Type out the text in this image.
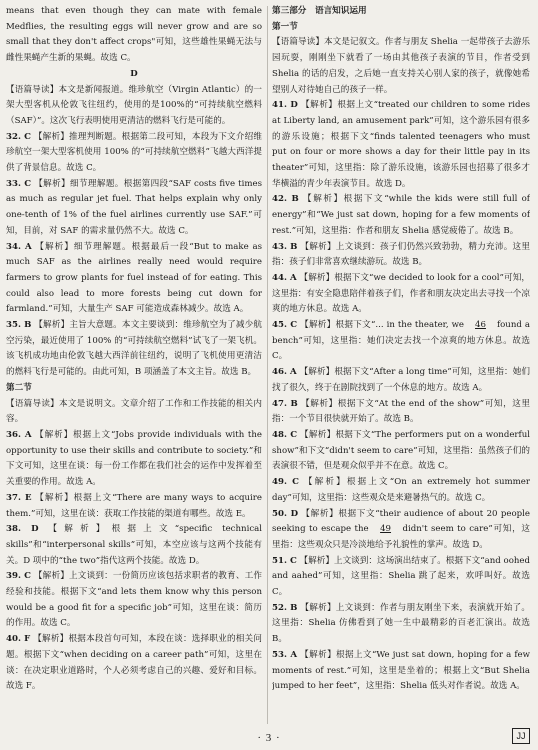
means that even though they can mate with female Medflies, the resulting eggs will never grow and are so small that they don't affect crops"可知，这些雄性果蝇无法与雌性果蝇产生新的果蝇。故选 C。

D

【语篇导读】本文是新闻报道。维珍航空（Virgin Atlantic）的一架大型客机从伦敦飞往纽约，使用的是100%的“可持续航空燃料（SAF）”。这次飞行表明使用更清洁的燃料飞行是可能的。

32. C 【解析】推理判断题。根据第二段可知，本段为下文介绍维珍航空一架大型客机使用 100% 的“可持续航空燃料”飞越大西洋提供了背景信息。故选 C。

33. C 【解析】细节理解题。根据第四段“SAF costs five times as much as regular jet fuel. That helps explain why only one-tenth of 1% of the fuel airlines currently use SAF.”可知，目前，对 SAF 的需求量仍然不大。故选 C。

34. A 【解析】细节理解题。根据最后一段“But to make as much SAF as the airlines really need would require farmers to grow plants for fuel instead of for eating. This could also lead to more forests being cut down for farmland.”可知，大量生产 SAF 可能造成森林减少。故选 A。

35. B 【解析】主旨大意题。本文主要谈到：维珍航空为了减少航空污染，最近使用了 100% 的“可持续航空燃料”试飞了一架飞机。该飞机成功地由伦敦飞越大西洋前往纽约，说明了飞机使用更清洁的燃料飞行是可能的。由此可知，B 项涵盖了本文主旨。故选 B。

第二节

【语篇导读】本文是说明文。文章介绍了工作和工作技能的相关内容。

36. A 【解析】根据上文“Jobs provide individuals with the opportunity to use their skills and contribute to society.”和下文可知，这里在谈：每一份工作都在我们社会的运作中发挥着至关重要的作用。故选 A。

37. E 【解析】根据上文“There are many ways to acquire them.”可知，这里在谈：获取工作技能的渠道有哪些。故选 E。

38. D 【解析】根据上文“specific technical skills”和“interpersonal skills”可知，本空应该与这两个技能有关。D 项中的“the two”指代这两个技能。故选 D。

39. C 【解析】上文谈到：一份简历应该包括求职者的教育、工作经验和技能。根据下文“and lets them know why this person would be a good fit for a specific job”可知，这里在谈：简历的作用。故选 C。

40. F 【解析】根据本段首句可知，本段在谈：选择职业的相关问题。根据下文“when deciding on a career path”可知，这里在谈：在决定职业道路时，个人必须考虑自己的兴趣、爱好和目标。故选 F。

第三部分　语言知识运用

第一节

【语篇导读】本文是记叙文。作者与朋友 Shelia 一起带孩子去游乐园玩耍，刚刚坐下就看了一场由其他孩子表演的节目，作者受到 Shelia 的话的启发，之后她一直支持关心别人家的孩子，就像她希望别人对待她自己的孩子一样。

41. D 【解析】根据上文“treated our children to some rides at Liberty land, an amusement park”可知，这个游乐园有很多的游乐设施；根据下文“finds talented teenagers who must put on four or more shows a day for their little pay in its theater”可知，这里指：除了游乐设施，该游乐园也招募了很多才华横溢的青少年表演节目。故选 D。

42. B 【解析】根据下文“while the kids were still full of energy”和“We just sat down, hoping for a few moments of rest.”可知，这里指：作者和朋友 Shelia 感觉疲倦了。故选 B。

43. B 【解析】上文谈到：孩子们仍然兴致勃勃，精力充沛。这里指：孩子们非常喜欢继续游玩。故选 B。

44. A 【解析】根据下文“we decided to look for a cool”可知，这里指：有安全隐患陪伴着孩子们，作者和朋友决定出去寻找一个凉爽的地方休息。故选 A。

45. C 【解析】根据下文“... in the theater, we 46 found a bench”可知，这里指：她们决定去找一个凉爽的地方休息。故选 C。

46. A 【解析】根据下文“After a long time”可知，这里指：她们找了很久，终于在剧院找到了一个休息的地方。故选 A。

47. B 【解析】根据下文“At the end of the show”可知，这里指：一个节目很快就开始了。故选 B。

48. C 【解析】根据下文“The performers put on a wonderful show”和下文“didn't seem to care”可知，这里指：虽然孩子们的表演很不错，但是观众似乎并不在意。故选 C。

49. C 【解析】根据上文“On an extremely hot summer day”可知，这里指：这些观众是来避暑热气的。故选 C。

50. D 【解析】根据下文“their audience of about 20 people seeking to escape the 49 didn't seem to care”可知，这里指：这些观众只是冷淡地给予礼貌性的掌声。故选 D。

51. C 【解析】上文谈到：这场演出结束了。根据下文“and oohed and aahed”可知，这里指：Shelia 跳了起来，欢呼叫好。故选 C。

52. B 【解析】上文谈到：作者与朋友刚坐下来，表演就开始了。这里指：Shelia 仿佛看到了她一生中最精彩的百老汇演出。故选 B。

53. A 【解析】根据上文“We just sat down, hoping for a few moments of rest.”可知，这里是坐着的；根据上文“But Shelia jumped to her feet”，这里指：Shelia 低头对作者说。故选 A。

· 3 ·	JJ
